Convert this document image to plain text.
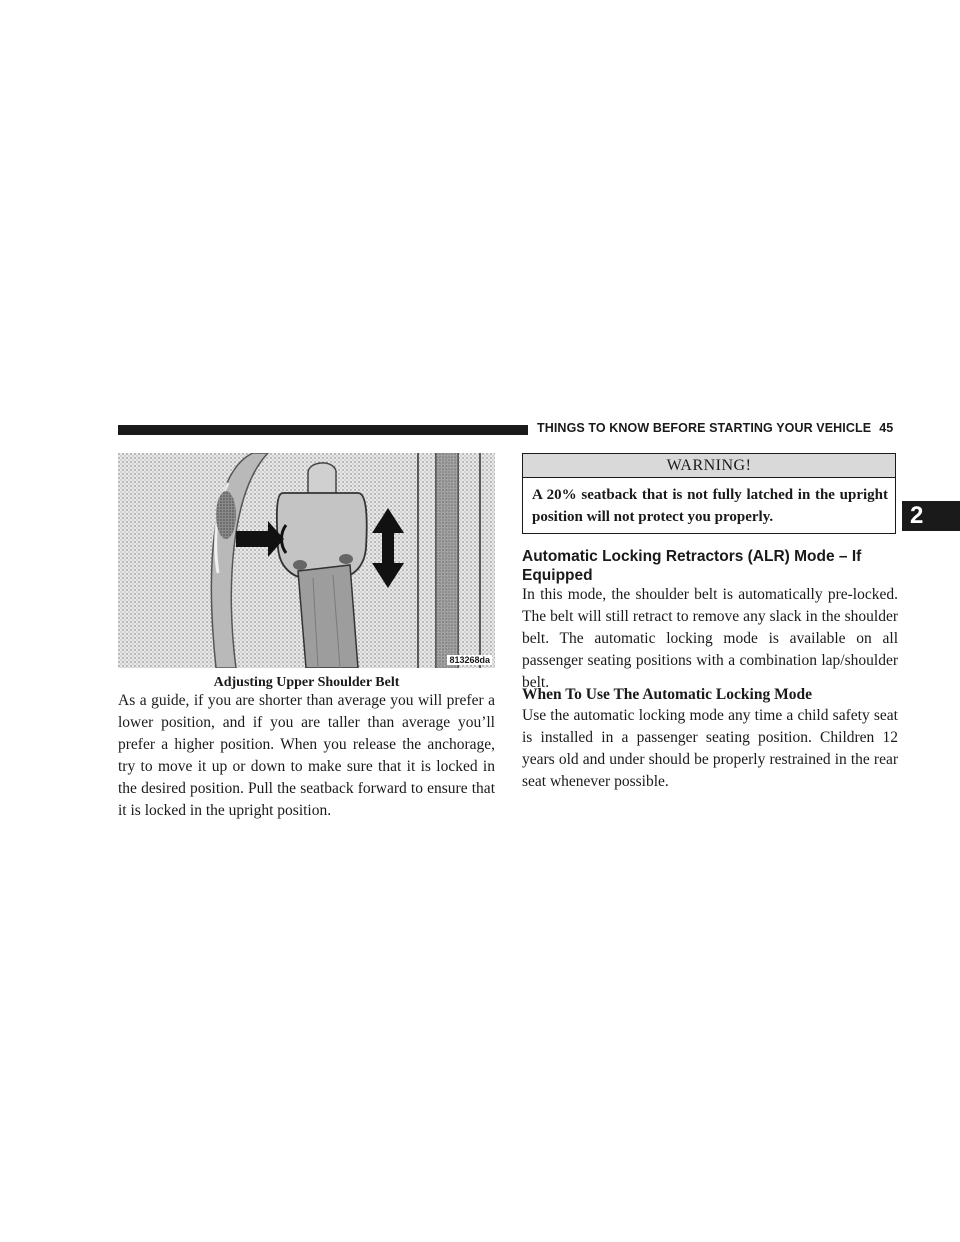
THINGS TO KNOW BEFORE STARTING YOUR VEHICLE 45
2
813268da
Adjusting Upper Shoulder Belt

As a guide, if you are shorter than average you will prefer a lower position, and if you are taller than average you’ll prefer a higher position. When you release the anchorage, try to move it up or down to make sure that it is locked in the desired position. Pull the seatback forward to ensure that it is locked in the upright position.

WARNING!

A 20% seatback that is not fully latched in the upright position will not protect you properly.

Automatic Locking Retractors (ALR) Mode – If Equipped

In this mode, the shoulder belt is automatically pre-locked. The belt will still retract to remove any slack in the shoulder belt. The automatic locking mode is available on all passenger seating positions with a combination lap/shoulder belt.

When To Use The Automatic Locking Mode

Use the automatic locking mode any time a child safety seat is installed in a passenger seating position. Children 12 years old and under should be properly restrained in the rear seat whenever possible.
